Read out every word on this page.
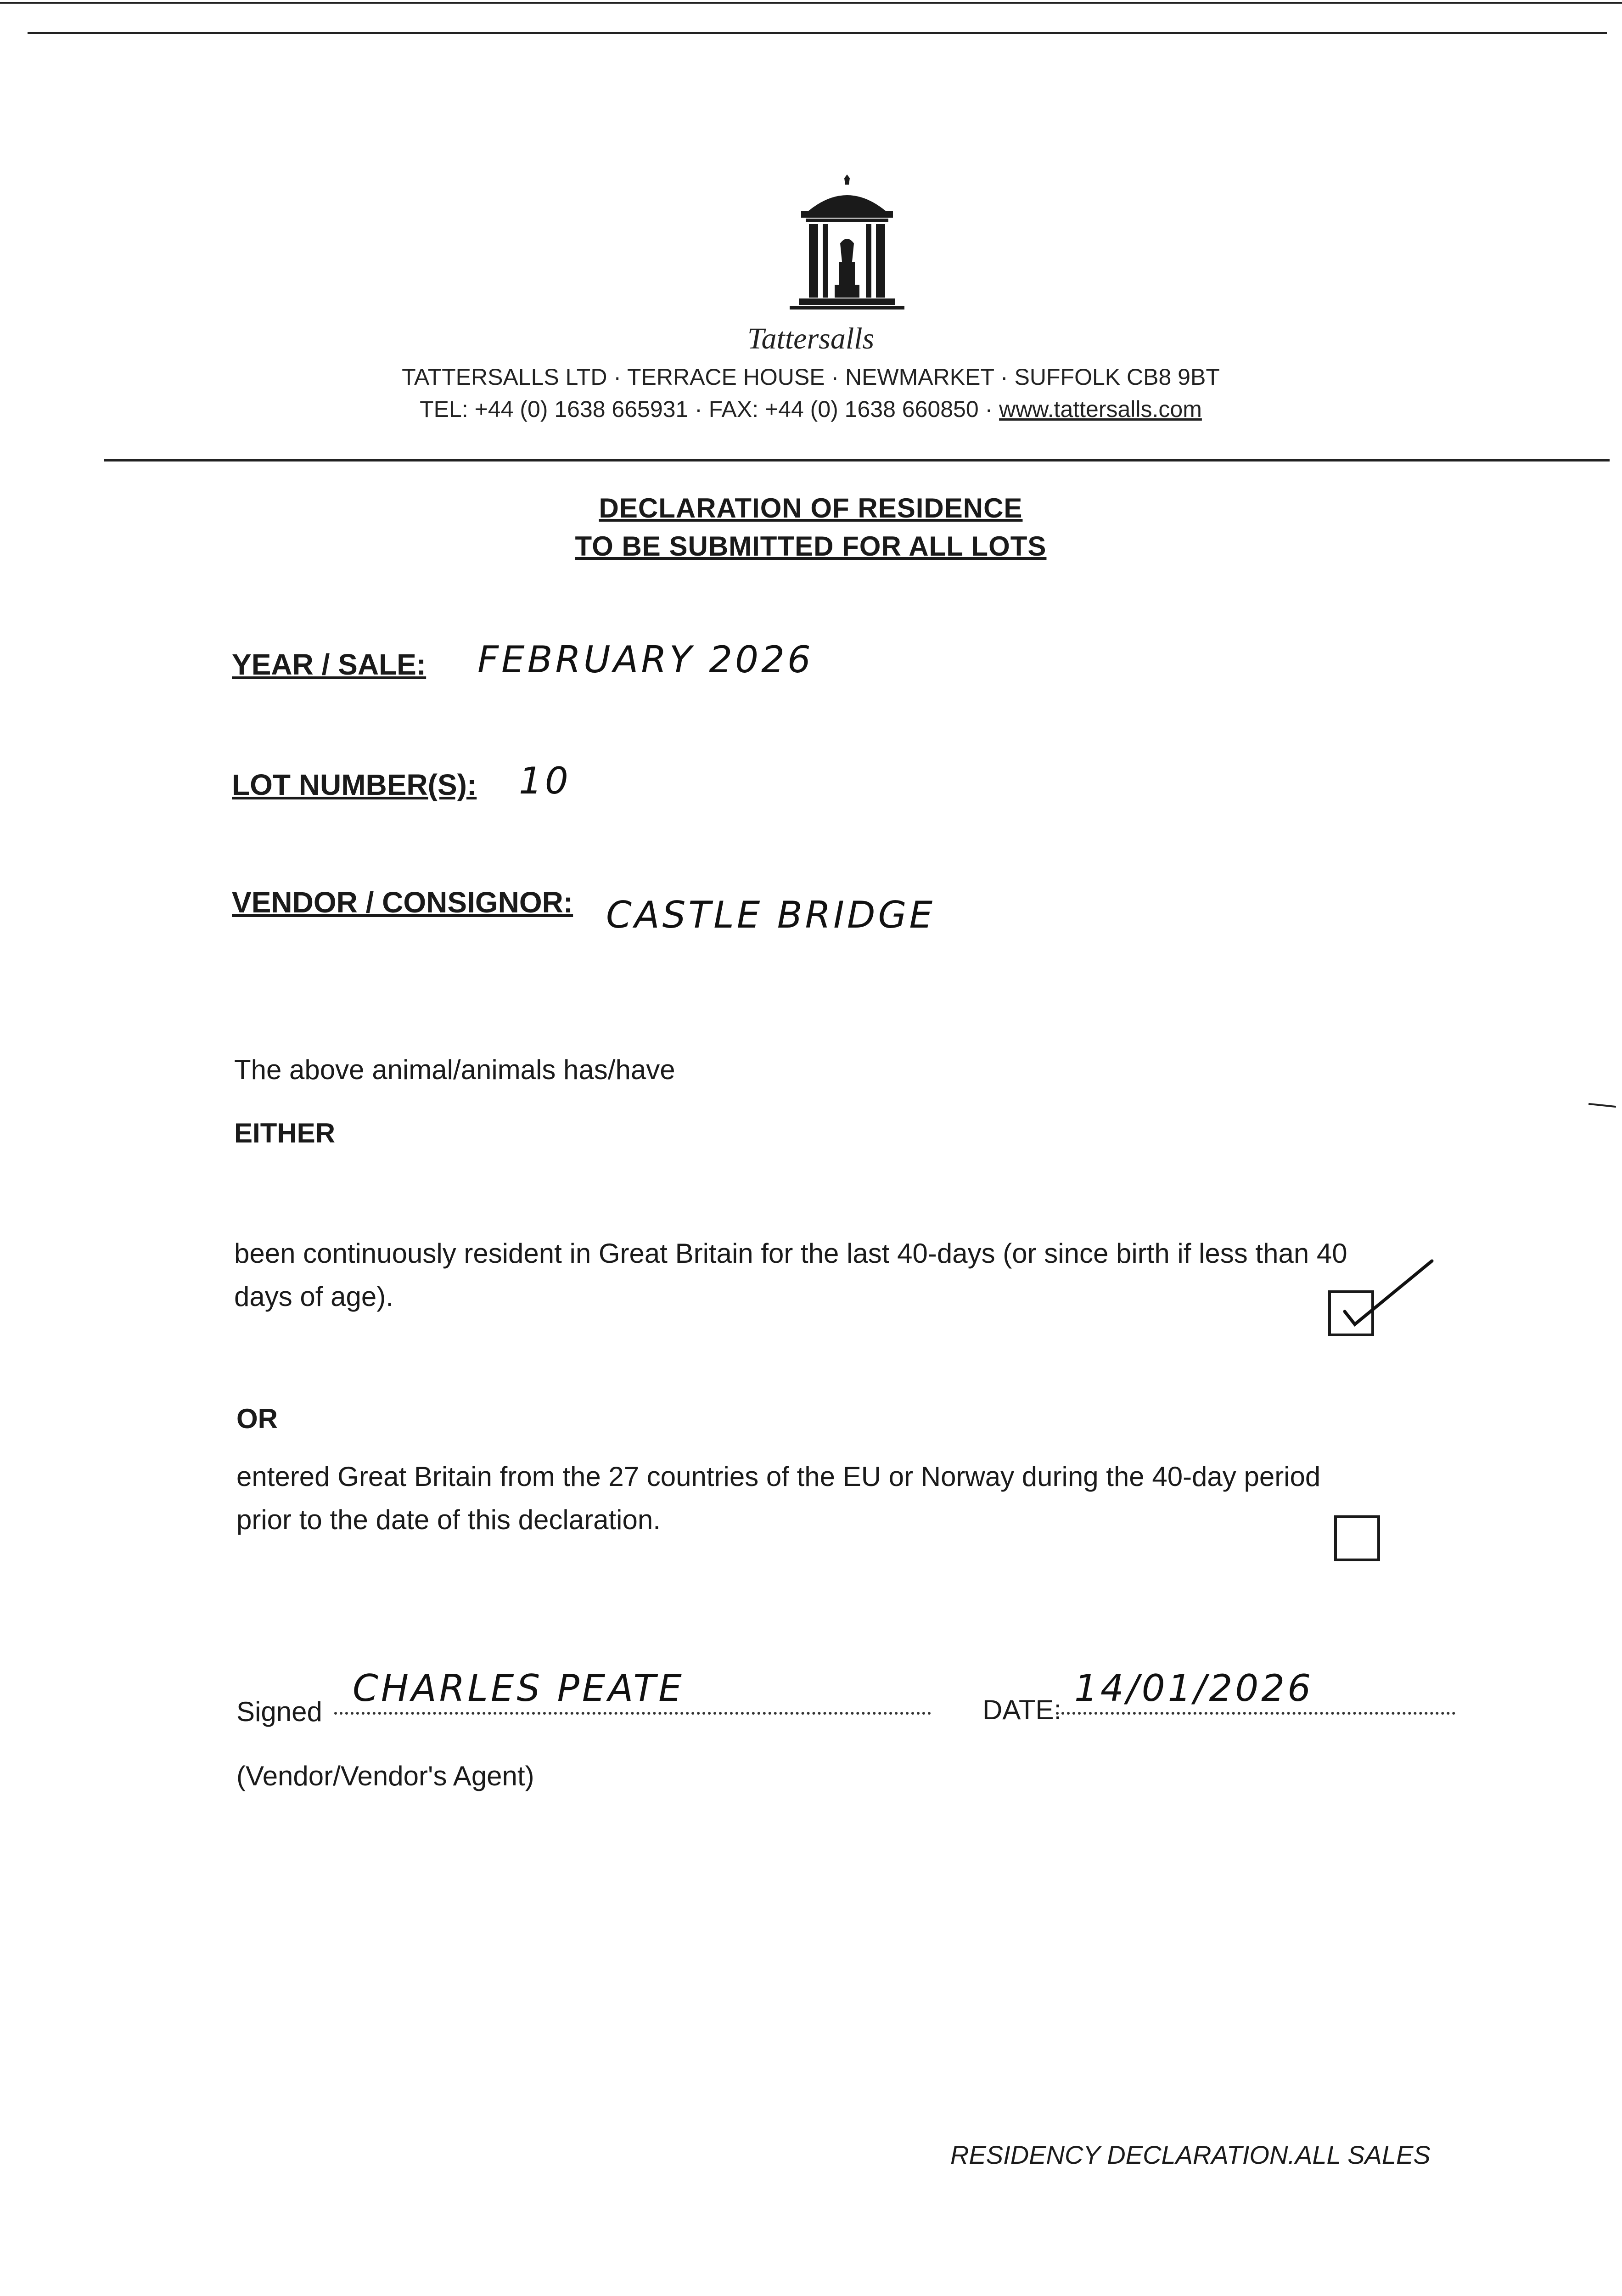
Tattersalls
TATTERSALLS LTD · TERRACE HOUSE · NEWMARKET · SUFFOLK CB8 9BT
TEL: +44 (0) 1638 665931 · FAX: +44 (0) 1638 660850 · www.tattersalls.com
DECLARATION OF RESIDENCE
TO BE SUBMITTED FOR ALL LOTS
YEAR / SALE: FEBRUARY 2026
LOT NUMBER(S): 10
VENDOR / CONSIGNOR: CASTLE BRIDGE
The above animal/animals has/have
EITHER
been continuously resident in Great Britain for the last 40-days (or since birth if less than 40
days of age).
OR
entered Great Britain from the 27 countries of the EU or Norway during the 40-day period
prior to the date of this declaration.
Signed
CHARLES PEATE
DATE:
14/01/2026
(Vendor/Vendor's Agent)
RESIDENCY DECLARATION.ALL SALES
